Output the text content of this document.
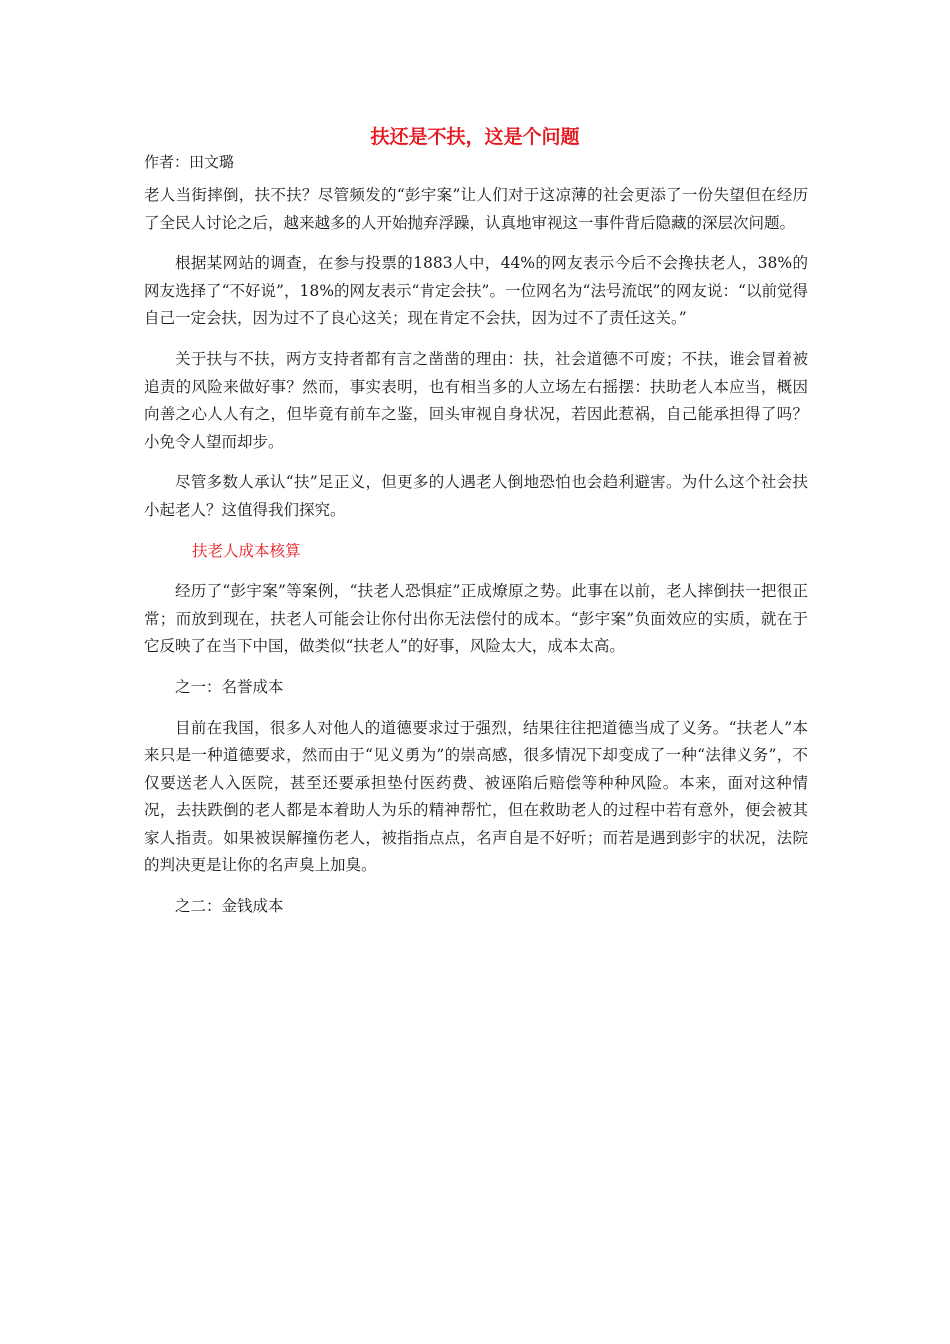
扶还是不扶，这是个问题
作者：田文璐

老人当街摔倒，扶不扶？尽管频发的“彭宇案”让人们对于这凉薄的社会更添了一份失望但在经历了全民人讨论之后，越来越多的人开始抛弃浮躁，认真地审视这一事件背后隐藏的深层次问题。

根据某网站的调查，在参与投票的1883人中，44%的网友表示今后不会搀扶老人，38%的网友选择了“不好说”，18%的网友表示“肯定会扶”。一位网名为“法号流氓”的网友说：“以前觉得自己一定会扶，因为过不了良心这关；现在肯定不会扶，因为过不了责任这关。”

关于扶与不扶，两方支持者都有言之凿凿的理由：扶，社会道德不可废；不扶，谁会冒着被追责的风险来做好事？然而，事实表明，也有相当多的人立场左右摇摆：扶助老人本应当，概因向善之心人人有之，但毕竟有前车之鉴，回头审视自身状况，若因此惹祸，自己能承担得了吗？小免令人望而却步。

尽管多数人承认“扶”足正义，但更多的人遇老人倒地恐怕也会趋利避害。为什么这个社会扶小起老人？这值得我们探究。

扶老人成本核算

经历了“彭宇案”等案例，“扶老人恐惧症”正成燎原之势。此事在以前，老人摔倒扶一把很正常；而放到现在，扶老人可能会让你付出你无法偿付的成本。“彭宇案”负面效应的实质，就在于它反映了在当下中国，做类似“扶老人”的好事，风险太大，成本太高。

之一：名誉成本

目前在我国，很多人对他人的道德要求过于强烈，结果往往把道德当成了义务。“扶老人”本来只是一种道德要求，然而由于“见义勇为”的崇高感，很多情况下却变成了一种“法律义务”，不仅要送老人入医院，甚至还要承担垫付医药费、被诬陷后赔偿等种种风险。本来，面对这种情况，去扶跌倒的老人都是本着助人为乐的精神帮忙，但在救助老人的过程中若有意外，便会被其家人指责。如果被误解撞伤老人，被指指点点，名声自是不好听；而若是遇到彭宇的状况，法院的判决更是让你的名声臭上加臭。

之二：金钱成本
